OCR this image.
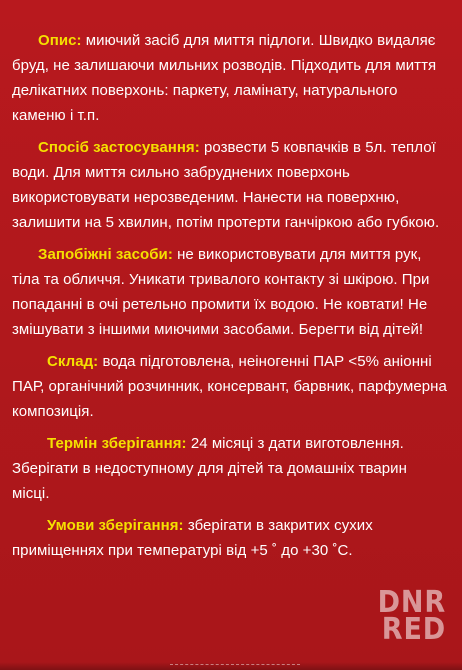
Опис: миючий засіб для миття підлоги. Швидко видаляє бруд, не залишаючи мильних розводів. Підходить для миття делікатних поверхонь: паркету, ламінату, натурального каменю і т.п.

Спосіб застосування: розвести 5 ковпачків в 5л. теплої води. Для миття сильно забруднених поверхонь використовувати нерозведеним. Нанести на поверхню, залишити на 5 хвилин, потім протерти ганчіркою або губкою.

Запобіжні засоби: не використовувати для миття рук, тіла та обличчя. Уникати тривалого контакту зі шкірою. При попаданні в очі ретельно промити їх водою. Не ковтати! Не змішувати з іншими миючими засобами. Берегти від дітей!

Склад: вода підготовлена, неіногенні ПАР <5% аніонні ПАР, органічний розчинник, консервант, барвник, парфумерна композиція.

Термін зберігання: 24 місяці з дати виготовлення. Зберігати в недоступному для дітей та домашніх тварин місці.

Умови зберігання: зберігати в закритих сухих приміщеннях при температурі від +5 ˚ до +30 ˚С.

DNR
RED
